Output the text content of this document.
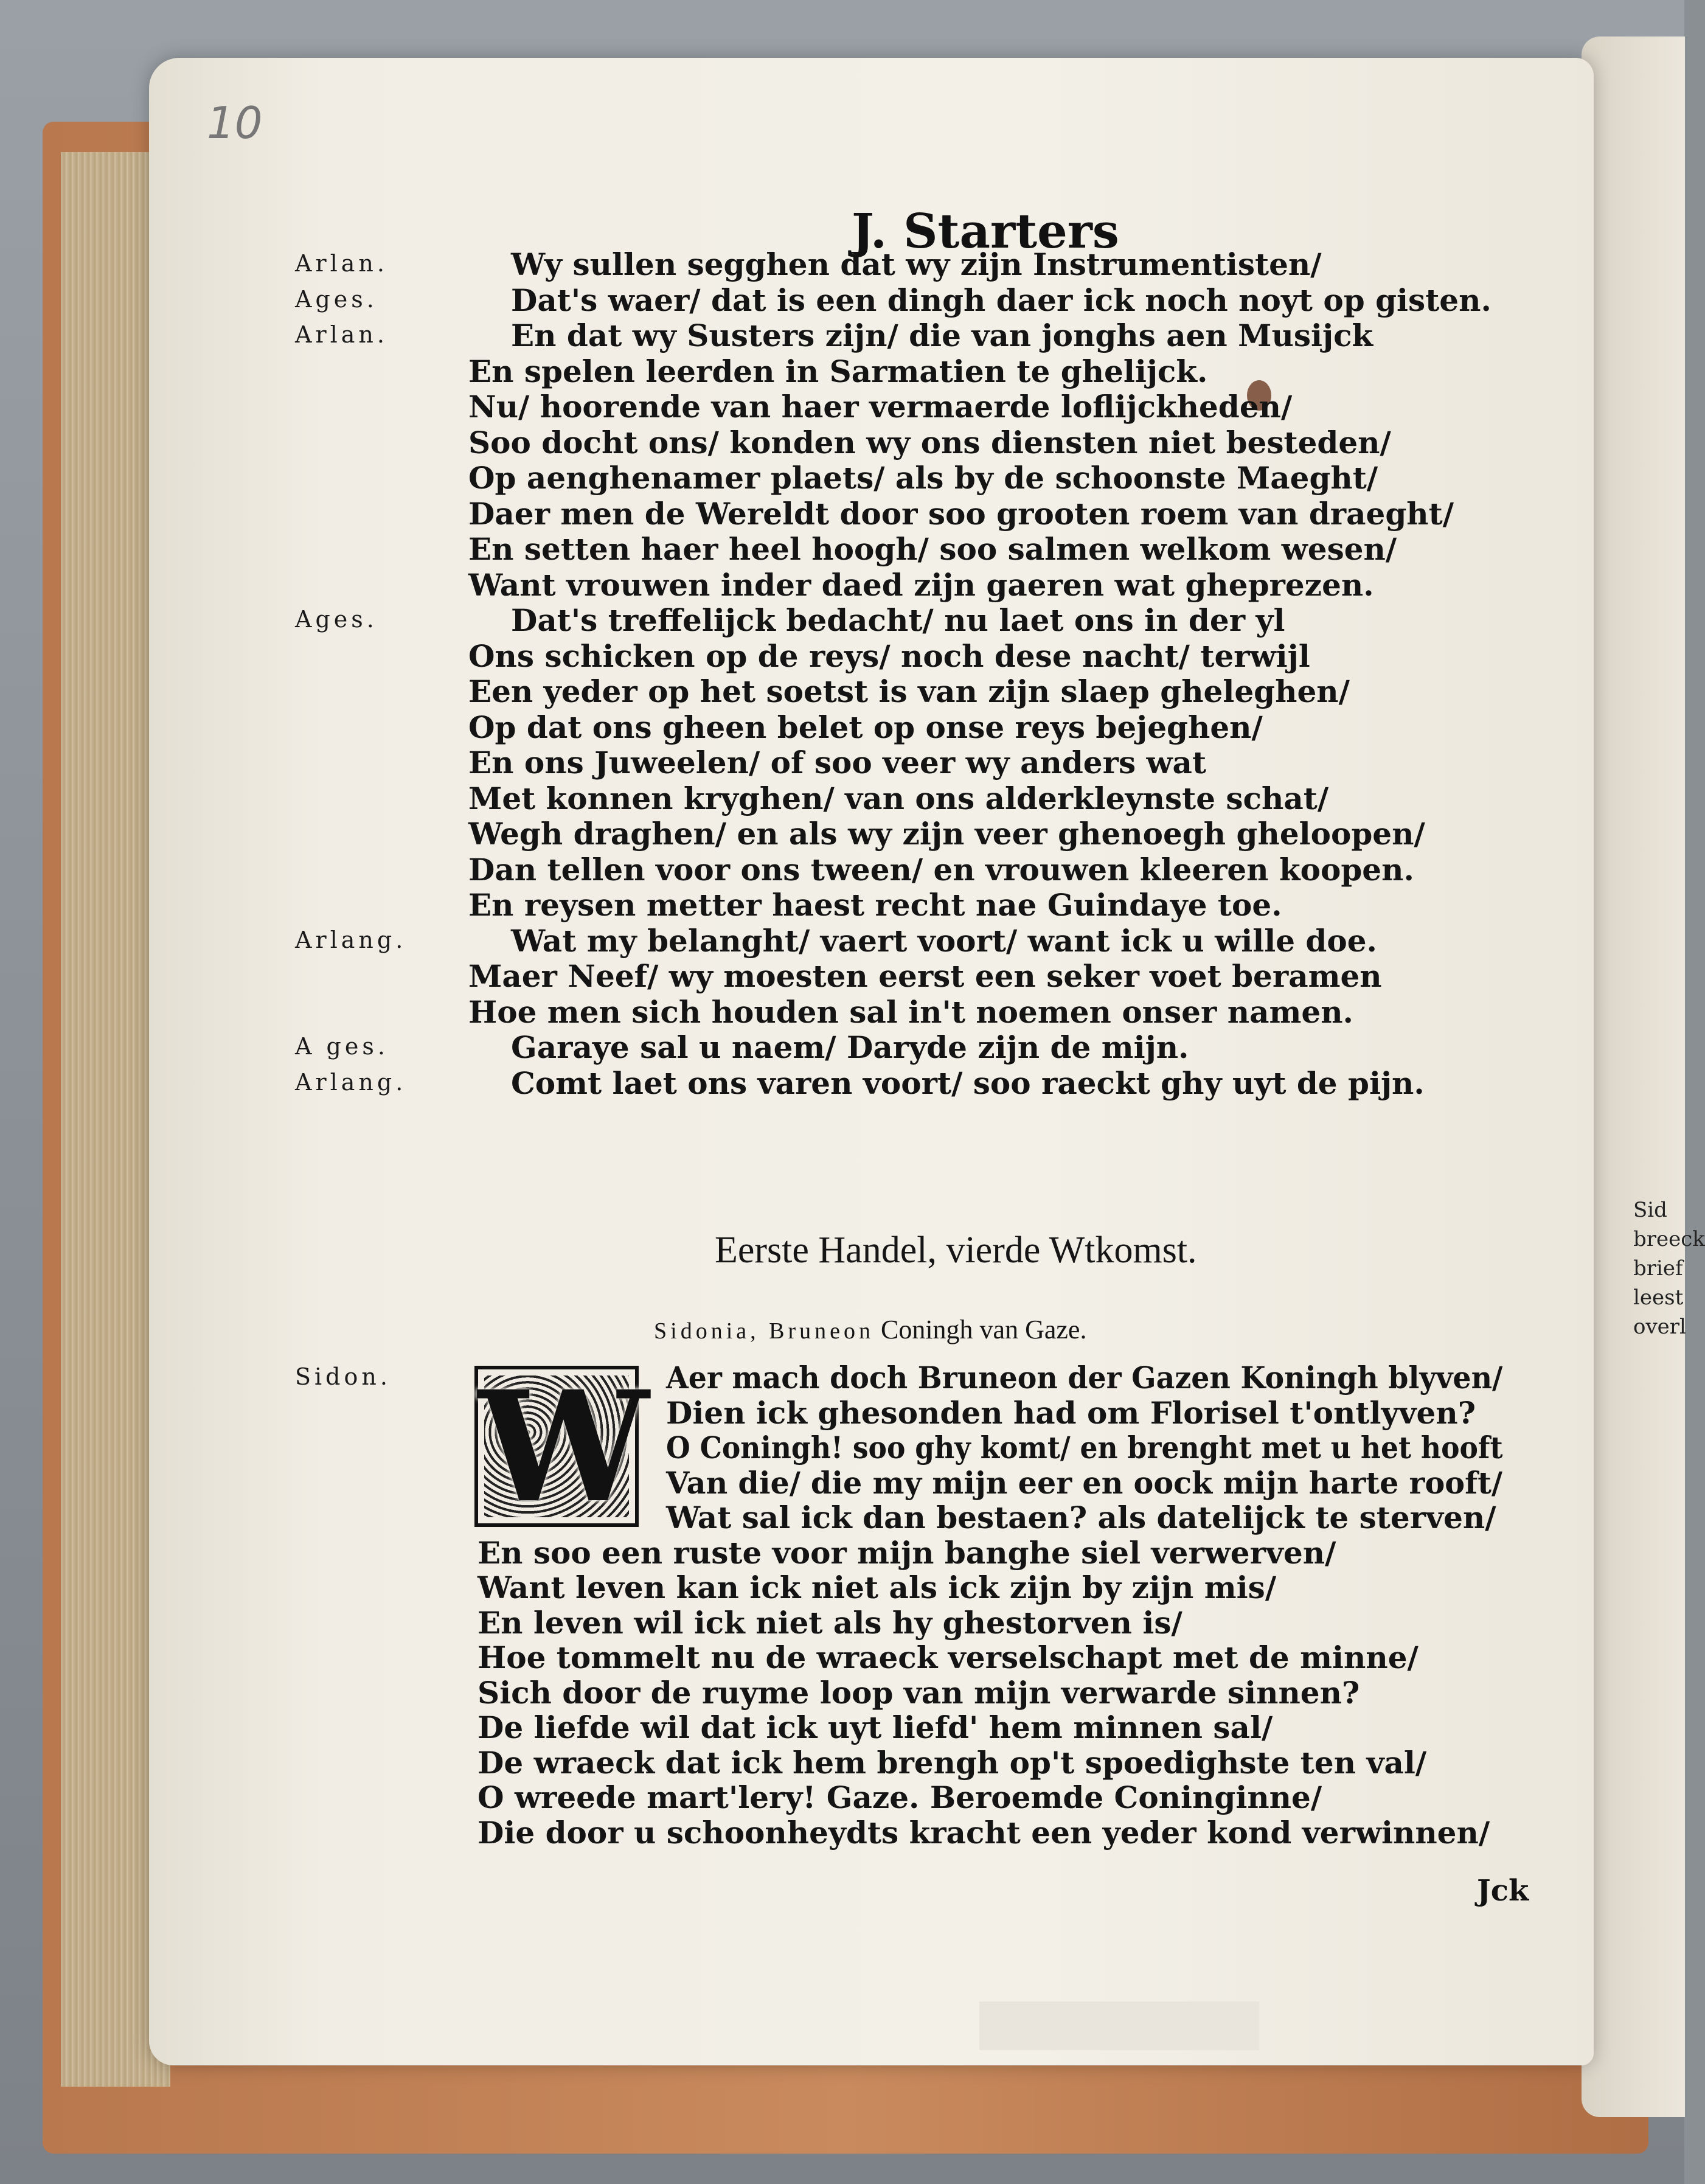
Sid
breeck
brief
leest
overl
10
J. Starters
Arlan.	Wy sullen segghen dat wy zijn Instrumentisten/
Ages.	Dat's waer/ dat is een dingh daer ick noch noyt op gisten.
Arlan.	En dat wy Susters zijn/ die van jonghs aen Musijck
En spelen leerden in Sarmatien te ghelijck.
Nu/ hoorende van haer vermaerde loflijckheden/
Soo docht ons/ konden wy ons diensten niet besteden/
Op aenghenamer plaets/ als by de schoonste Maeght/
Daer men de Wereldt door soo grooten roem van draeght/
En setten haer heel hoogh/ soo salmen welkom wesen/
Want vrouwen inder daed zijn gaeren wat gheprezen.
Ages.	Dat's treffelijck bedacht/ nu laet ons in der yl
Ons schicken op de reys/ noch dese nacht/ terwijl
Een yeder op het soetst is van zijn slaep gheleghen/
Op dat ons gheen belet op onse reys bejeghen/
En ons Juweelen/ of soo veer wy anders wat
Met konnen kryghen/ van ons alderkleynste schat/
Wegh draghen/ en als wy zijn veer ghenoegh gheloopen/
Dan tellen voor ons tween/ en vrouwen kleeren koopen.
En reysen metter haest recht nae Guindaye toe.
Arlang.	Wat my belanght/ vaert voort/ want ick u wille doe.
Maer Neef/ wy moesten eerst een seker voet beramen
Hoe men sich houden sal in't noemen onser namen.
A ges.	Garaye sal u naem/ Daryde zijn de mijn.
Arlang.	Comt laet ons varen voort/ soo raeckt ghy uyt de pijn.
Eerste Handel, vierde Wtkomst.
Sidonia, Bruneon Coningh van Gaze.
W
Sidon.	Aer mach doch Bruneon der Gazen Koningh blyven/
Dien ick ghesonden had om Florisel t'ontlyven?
O Coningh! soo ghy komt/ en brenght met u het hooft
Van die/ die my mijn eer en oock mijn harte rooft/
Wat sal ick dan bestaen? als datelijck te sterven/
En soo een ruste voor mijn banghe siel verwerven/
Want leven kan ick niet als ick zijn by zijn mis/
En leven wil ick niet als hy ghestorven is/
Hoe tommelt nu de wraeck verselschapt met de minne/
Sich door de ruyme loop van mijn verwarde sinnen?
De liefde wil dat ick uyt liefd' hem minnen sal/
De wraeck dat ick hem brengh op't spoedighste ten val/
O wreede mart'lery! Gaze. Beroemde Coninginne/
Die door u schoonheydts kracht een yeder kond verwinnen/
Jck
